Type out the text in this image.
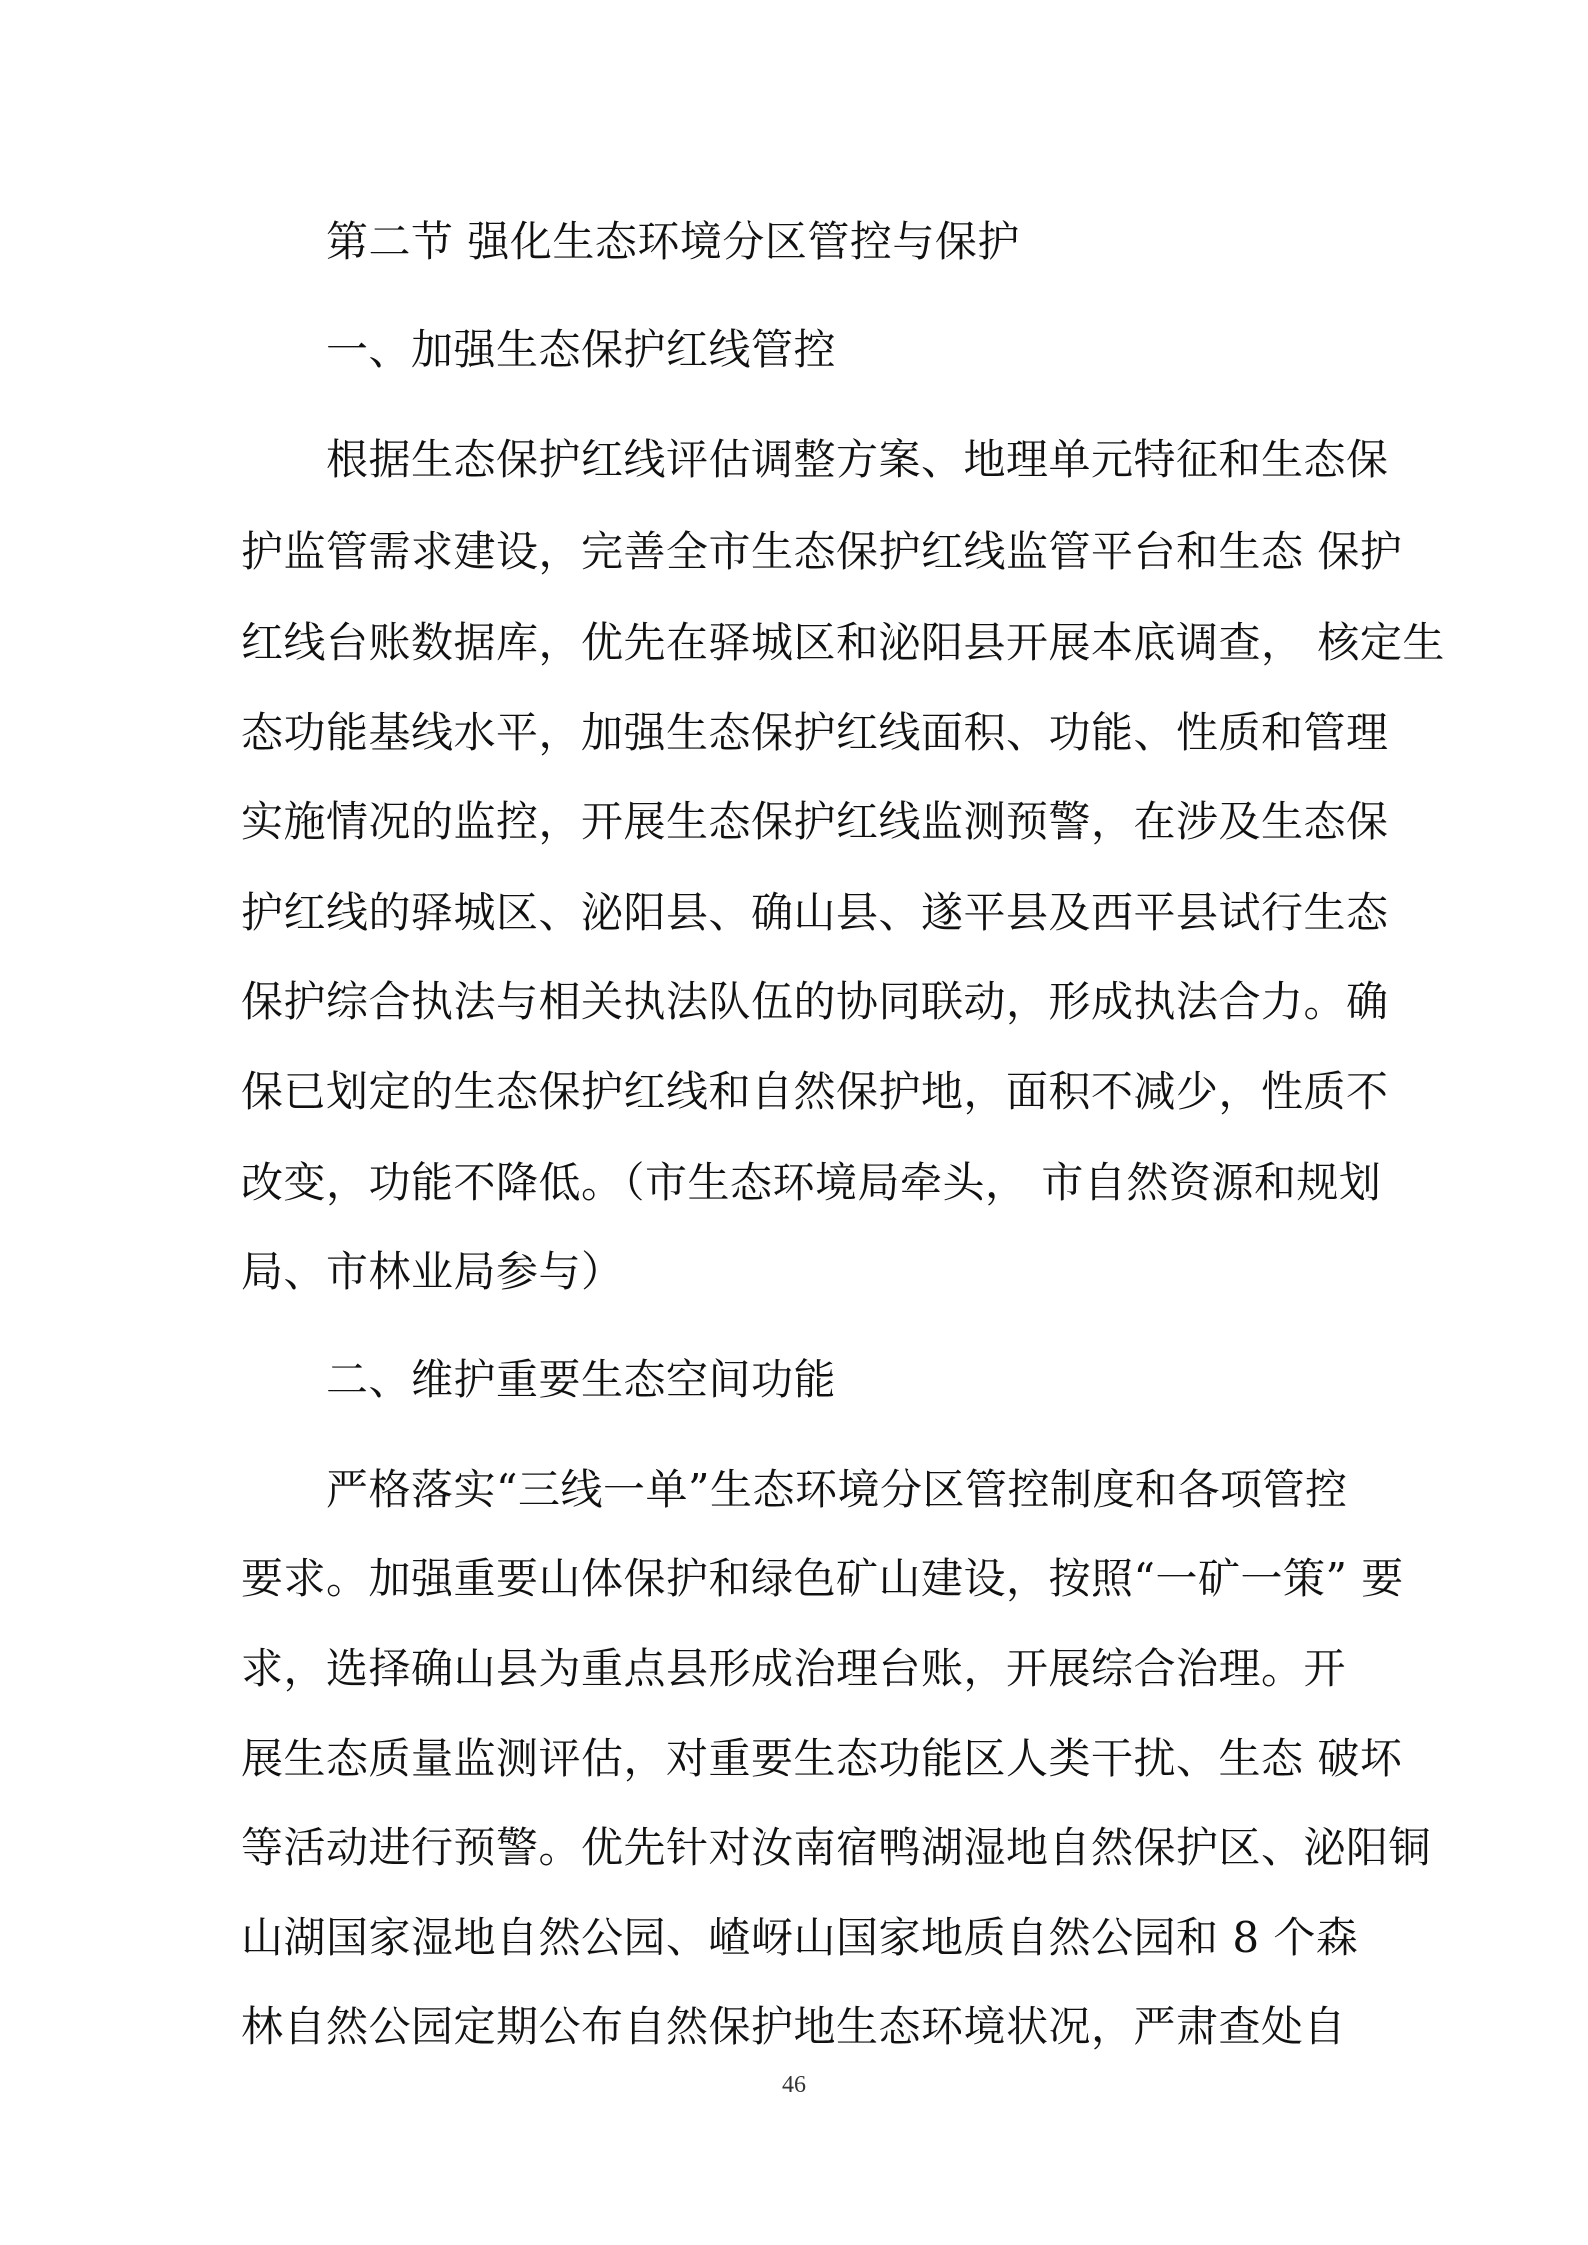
第二节 强化生态环境分区管控与保护
一、加强生态保护红线管控
根据生态保护红线评估调整方案、地理单元特征和生态保
护监管需求建设，完善全市生态保护红线监管平台和生态 保护
红线台账数据库，优先在驿城区和泌阳县开展本底调查， 核定生
态功能基线水平，加强生态保护红线面积、功能、性质和管理
实施情况的监控，开展生态保护红线监测预警，在涉及生态保
护红线的驿城区、泌阳县、确山县、遂平县及西平县试行生态
保护综合执法与相关执法队伍的协同联动，形成执法合力。确
保已划定的生态保护红线和自然保护地，面积不减少，性质不
改变，功能不降低。（市生态环境局牵头， 市自然资源和规划
局、市林业局参与）
二、维护重要生态空间功能
严格落实“三线一单”生态环境分区管控制度和各项管控
要求。加强重要山体保护和绿色矿山建设，按照“一矿一策” 要
求，选择确山县为重点县形成治理台账，开展综合治理。开
展生态质量监测评估，对重要生态功能区人类干扰、生态 破坏
等活动进行预警。优先针对汝南宿鸭湖湿地自然保护区、泌阳铜
山湖国家湿地自然公园、嵖岈山国家地质自然公园和 8 个森
林自然公园定期公布自然保护地生态环境状况，严肃查处自
46
